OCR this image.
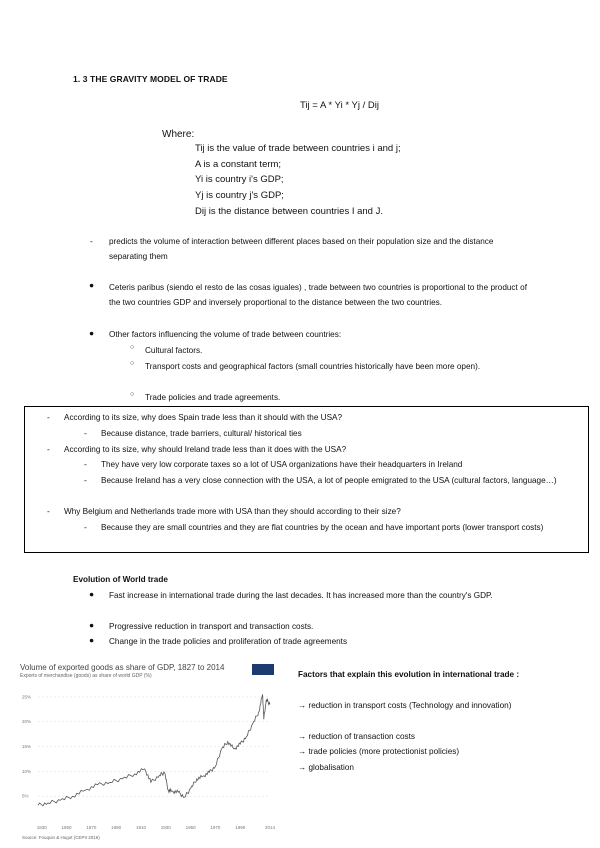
1. 3 THE GRAVITY MODEL OF TRADE
Tij = A * Yi * Yj / Dij
Where:
Tij is the value of trade between countries i and j;
A is a constant term;
Yi is country i's GDP;
Yj is country j's GDP;
Dij is the distance between countries I and J.
- predicts the volume of interaction between different places based on their population size and the distance separating them
● Ceteris paribus (siendo el resto de las cosas iguales) , trade between two countries is proportional to the product of the two countries GDP and inversely proportional to the distance between the two countries.
● Other factors influencing the volume of trade between countries:
○ Cultural factors.
○ Transport costs and geographical factors (small countries historically have been more open).
○ Trade policies and trade agreements.
- According to its size, why does Spain trade less than it should with the USA?
- Because distance, trade barriers, cultural/ historical ties
- According to its size, why should Ireland trade less than it does with the USA?
- They have very low corporate taxes so a lot of USA organizations have their headquarters in Ireland
- Because Ireland has a very close connection with the USA, a lot of people emigrated to the USA (cultural factors, language…)
- Why Belgium and Netherlands trade more with USA than they should according to their size?
- Because they are small countries and they are flat countries by the ocean and have important ports (lower transport costs)
Evolution of World trade
● Fast increase in international trade during the last decades. It has increased more than the country's GDP.
● Progressive reduction in transport and transaction costs.
● Change in the trade policies and proliferation of trade agreements
Volume of exported goods as share of GDP, 1827 to 2014
Exports of merchandise (goods) as share of world GDP (%)
25%
20%
15%
10%
5%
1830	1850	1870	1890	1910	1930	1950	1970	1990	2014
Source: Fouquin & Hugot (CEPII 2016)
Factors that explain this evolution in international trade :
→ reduction in transport costs (Technology and innovation)
→ reduction of transaction costs
→ trade policies (more protectionist policies)
→ globalisation
